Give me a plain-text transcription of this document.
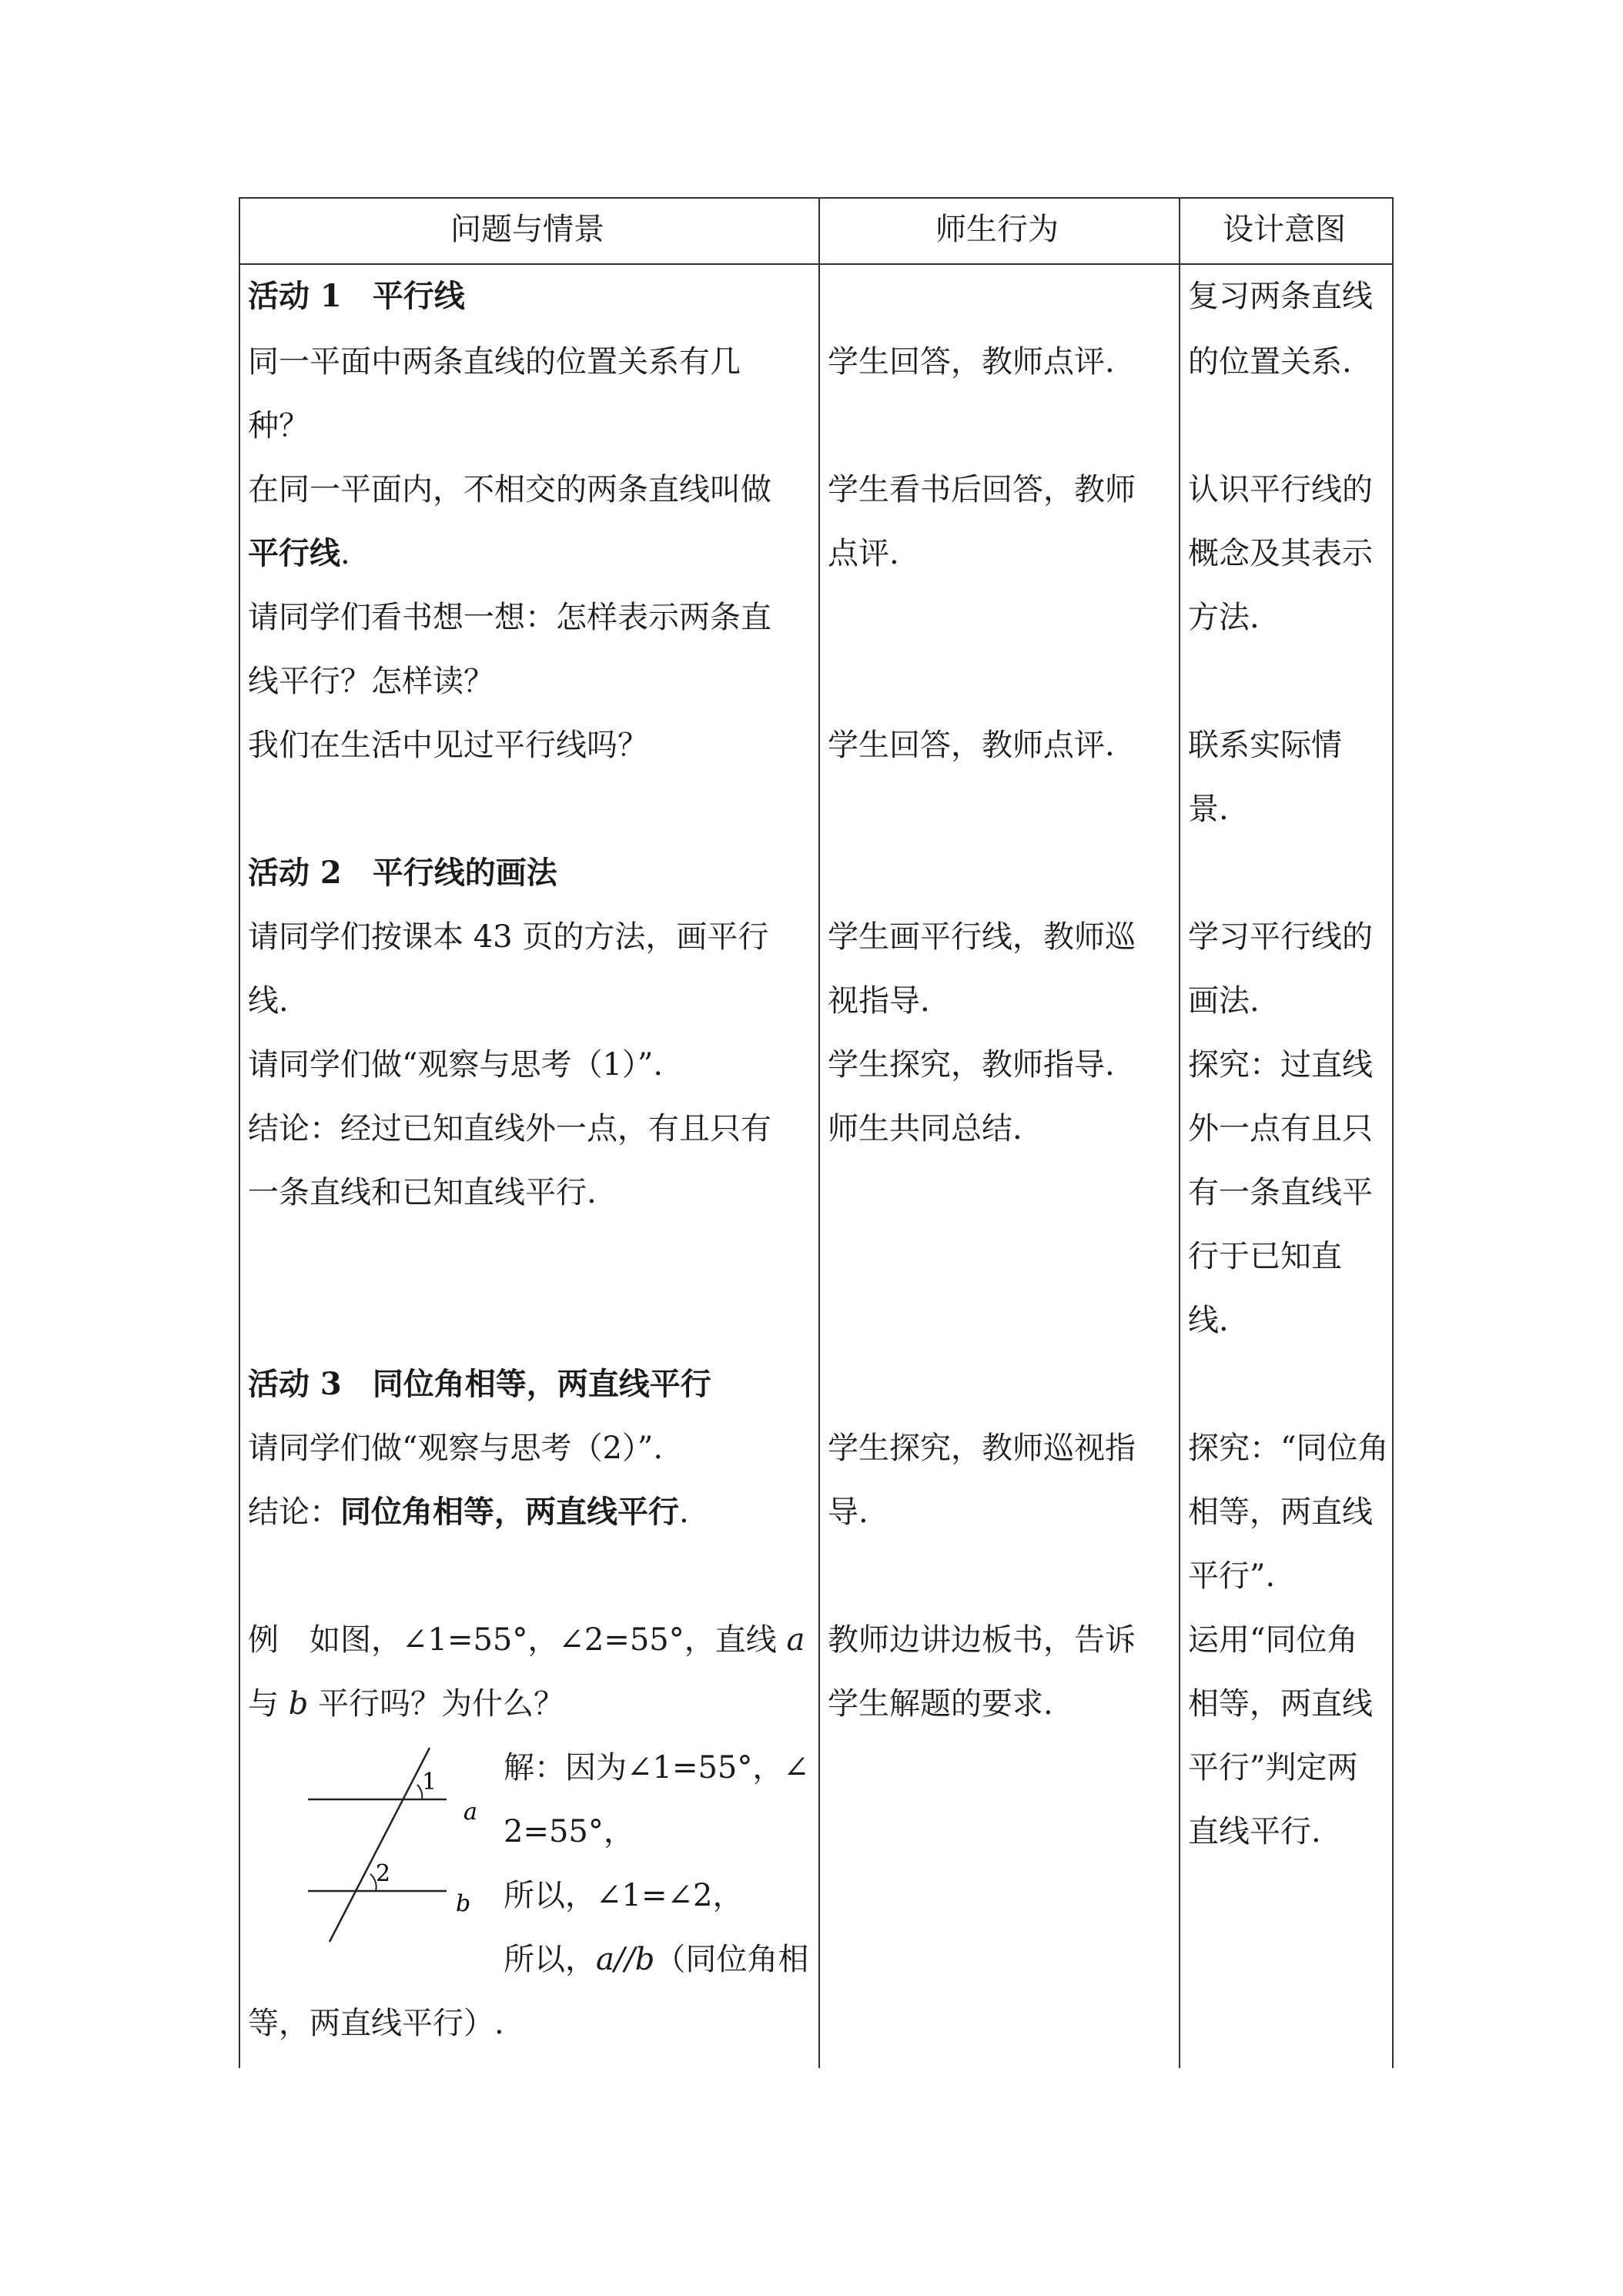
问题与情景	师生行为	设计意图
活动 1　平行线
同一平面中两条直线的位置关系有几
种？
在同一平面内，不相交的两条直线叫做
平行线.
请同学们看书想一想：怎样表示两条直
线平行？怎样读？
我们在生活中见过平行线吗？
活动 2　平行线的画法
请同学们按课本 43 页的方法，画平行
线.
请同学们做“观察与思考（1）”.
结论：经过已知直线外一点，有且只有
一条直线和已知直线平行.
活动 3　同位角相等，两直线平行
请同学们做“观察与思考（2）”.
结论：同位角相等，两直线平行.
例　如图，∠1=55°，∠2=55°，直线 a
与 b 平行吗？为什么？
1
2
a
b
解：因为∠1=55°，∠
2=55°，
所以，∠1=∠2，
所以，a//b（同位角相
等，两直线平行）.
学生回答，教师点评.
学生看书后回答，教师
点评.
学生回答，教师点评.
学生画平行线，教师巡
视指导.
学生探究，教师指导.
师生共同总结.
学生探究，教师巡视指
导.
教师边讲边板书，告诉
学生解题的要求.
复习两条直线
的位置关系.
认识平行线的
概念及其表示
方法.
联系实际情
景.
学习平行线的
画法.
探究：过直线
外一点有且只
有一条直线平
行于已知直
线.
探究：“同位角
相等，两直线
平行”.
运用“同位角
相等，两直线
平行”判定两
直线平行.
